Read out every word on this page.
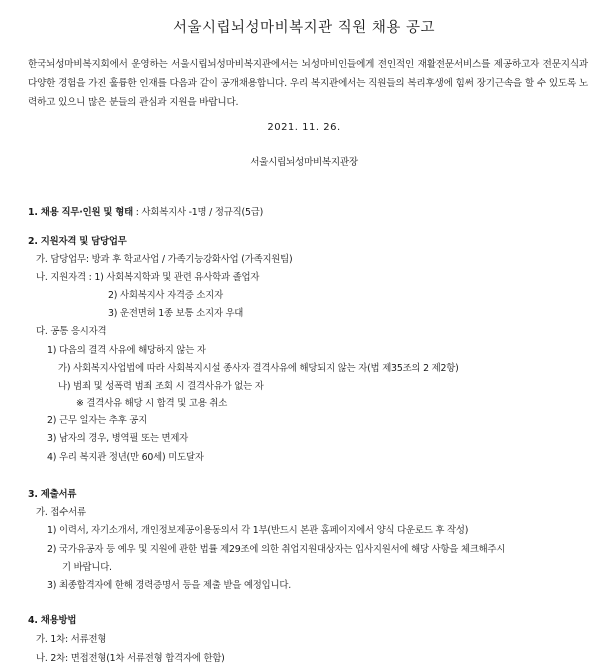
서울시립뇌성마비복지관 직원 채용 공고
한국뇌성마비복지회에서 운영하는 서울시립뇌성마비복지관에서는 뇌성마비인들에게 전인적인 재활전문서비스를 제공하고자 전문지식과 다양한 경험을 가진 훌륭한 인재를 다음과 같이 공개채용합니다. 우리 복지관에서는 직원들의 복리후생에 힘써 장기근속을 할 수 있도록 노력하고 있으니 많은 분들의 관심과 지원을 바랍니다.
2021. 11. 26.
서울시립뇌성마비복지관장
1. 채용 직무·인원 및 형태 : 사회복지사 -1명 / 정규직(5급)
2. 지원자격 및 담당업무
가. 담당업무: 방과 후 학교사업 / 가족기능강화사업 (가족지원팀)
나. 지원자격 : 1) 사회복지학과 및 관련 유사학과 졸업자
2) 사회복지사 자격증 소지자
3) 운전면허 1종 보통 소지자 우대
다. 공통 응시자격
1) 다음의 결격 사유에 해당하지 않는 자
가) 사회복지사업법에 따라 사회복지시설 종사자 결격사유에 해당되지 않는 자(법 제35조의 2 제2항)
나) 범죄 및 성폭력 범죄 조회 시 결격사유가 없는 자
※ 결격사유 해당 시 합격 및 고용 취소
2) 근무 일자는 추후 공지
3) 남자의 경우, 병역필 또는 면제자
4) 우리 복지관 정년(만 60세) 미도달자
3. 제출서류
가. 접수서류
1) 이력서, 자기소개서, 개인정보제공이용동의서 각 1부(반드시 본관 홈페이지에서 양식 다운로드 후 작성)
2) 국가유공자 등 예우 및 지원에 관한 법률 제29조에 의한 취업지원대상자는 입사지원서에 해당 사항을 체크해주시
기 바랍니다.
3) 최종합격자에 한해 경력증명서 등을 제출 받을 예정입니다.
4. 채용방법
가. 1차: 서류전형
나. 2차: 면접전형(1차 서류전형 합격자에 한함)
